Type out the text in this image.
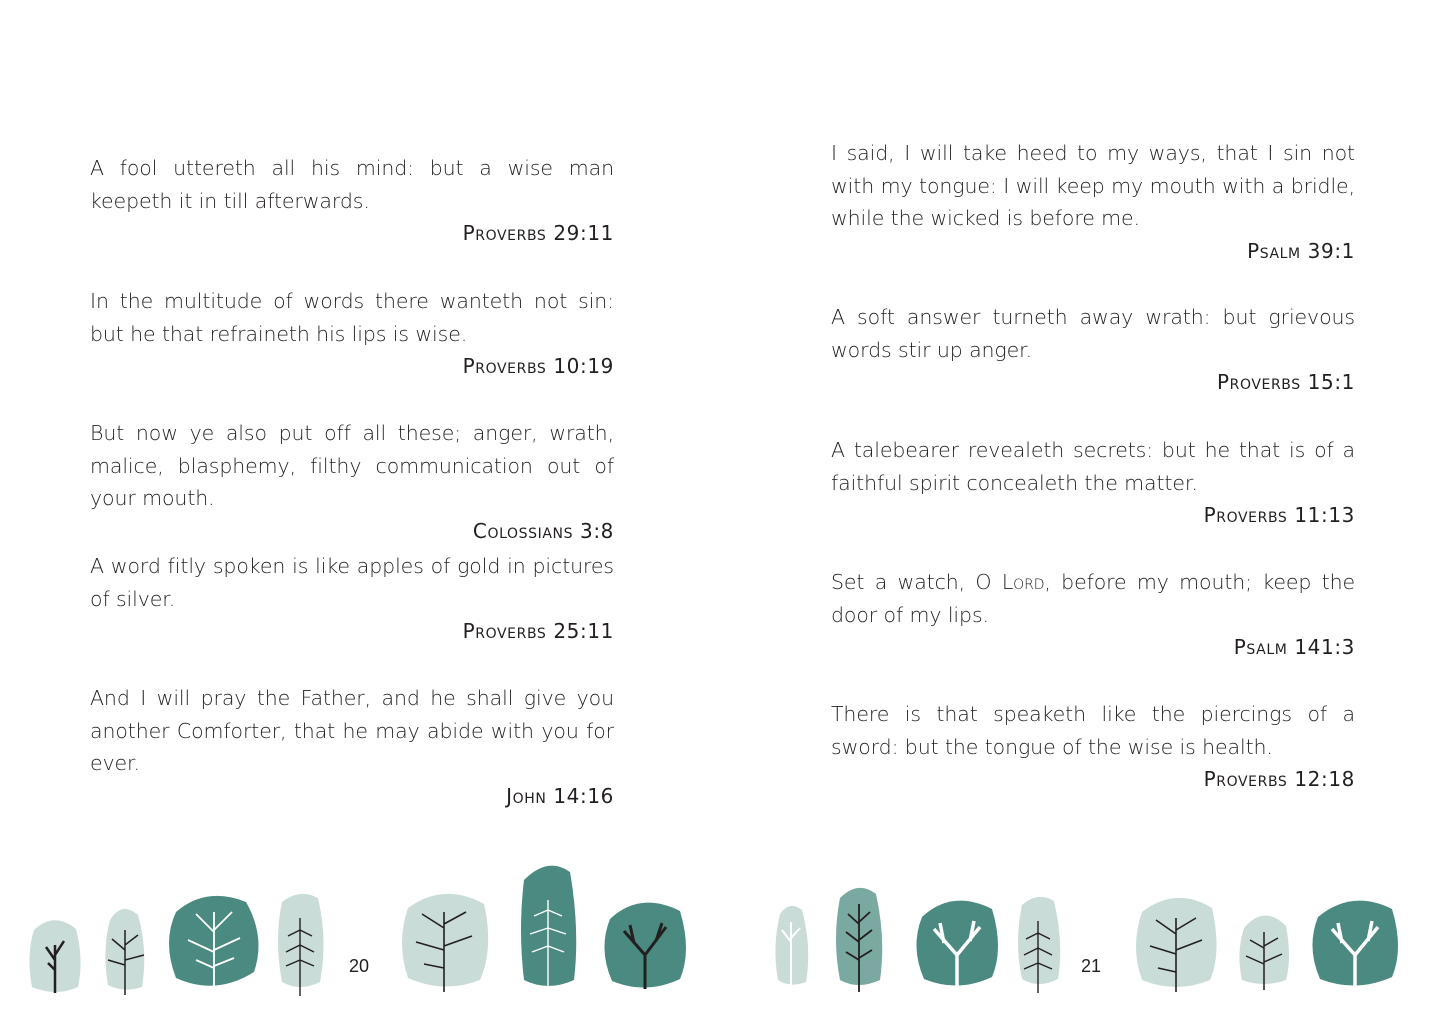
A fool uttereth all his mind: but a wise man keepeth it in till afterwards.

Proverbs 29:11

In the multitude of words there wanteth not sin: but he that refraineth his lips is wise.

Proverbs 10:19

But now ye also put off all these; anger, wrath, malice, blasphemy, filthy communication out of your mouth.

Colossians 3:8

A word fitly spoken is like apples of gold in pictures of silver.

Proverbs 25:11

And I will pray the Father, and he shall give you another Comforter, that he may abide with you for ever.

John 14:16

20

I said, I will take heed to my ways, that I sin not with my tongue: I will keep my mouth with a bridle, while the wicked is before me.

Psalm 39:1

A soft answer turneth away wrath: but grievous words stir up anger.

Proverbs 15:1

A talebearer revealeth secrets: but he that is of a faithful spirit concealeth the matter.

Proverbs 11:13

Set a watch, O Lord, before my mouth; keep the door of my lips.

Psalm 141:3

There is that speaketh like the piercings of a sword: but the tongue of the wise is health.

Proverbs 12:18

21
